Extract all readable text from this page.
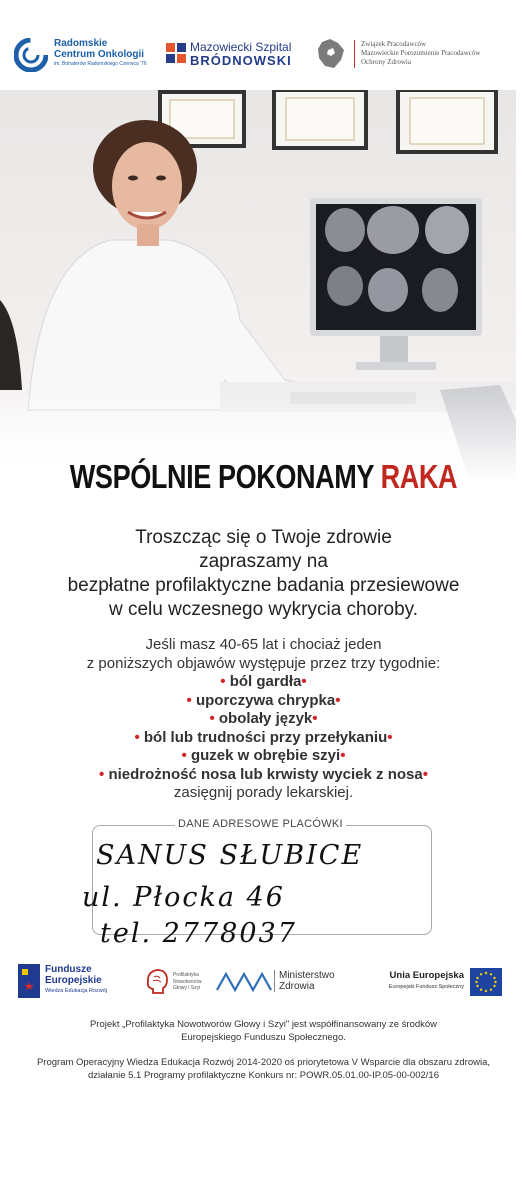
Radomskie
Centrum Onkologii
im. Bohaterów Radomskiego Czerwca '76
Mazowiecki Szpital
BRÓDNOWSKI
Związek Pracodawców
Mazowieckie Porozumienie Pracodawców
Ochrony Zdrowia
WSPÓLNIE POKONAMY RAKA
Troszcząc się o Twoje zdrowie
zapraszamy na
bezpłatne profilaktyczne badania przesiewowe
w celu wczesnego wykrycia choroby.
Jeśli masz 40-65 lat i chociaż jeden
z poniższych objawów występuje przez trzy tygodnie:
• ból gardła•
• uporczywa chrypka•
• obolały język•
• ból lub trudności przy przełykaniu•
• guzek w obrębie szyi•
• niedrożność nosa lub krwisty wyciek z nosa•
zasięgnij porady lekarskiej.
DANE ADRESOWE PLACÓWKI
SANUS SŁUBICE
ul. Płocka 46
tel. 2778037
Fundusze
Europejskie
Wiedza Edukacja Rozwój
Profilaktyka
Nowotworów
Głowy i Szyi
Ministerstwo
Zdrowia
Unia Europejska
Europejski Fundusz Społeczny
Projekt „Profilaktyka Nowotworów Głowy i Szyi" jest współfinansowany ze środków
Europejskiego Funduszu Społecznego.
Program Operacyjny Wiedza Edukacja Rozwój 2014-2020 oś priorytetowa V Wsparcie dla obszaru zdrowia,
działanie 5.1 Programy profilaktyczne Konkurs nr: POWR.05.01.00-IP.05-00-002/16
